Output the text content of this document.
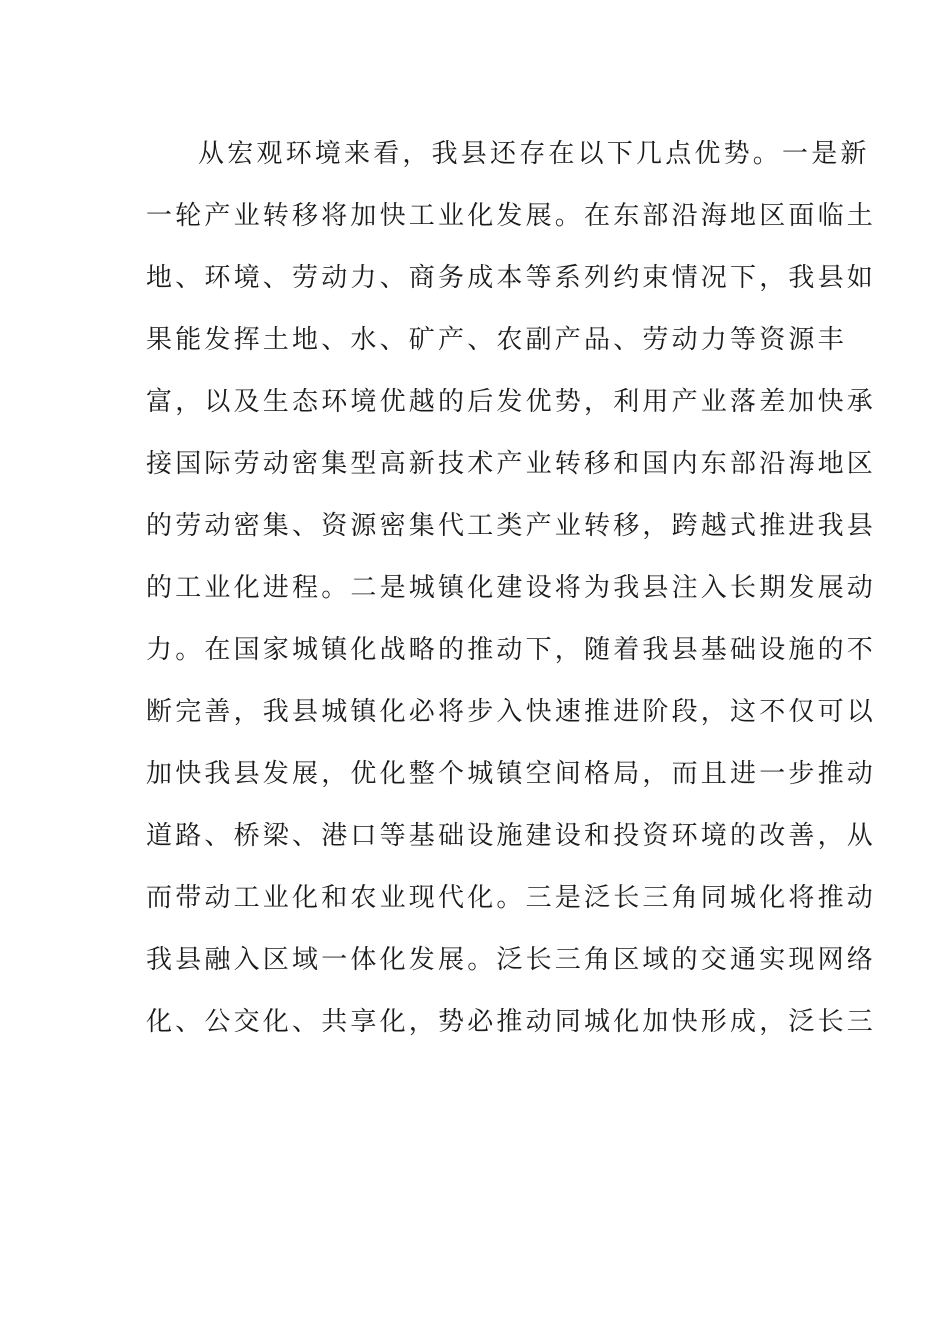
从宏观环境来看，我县还存在以下几点优势。一是新
一轮产业转移将加快工业化发展。在东部沿海地区面临土
地、环境、劳动力、商务成本等系列约束情况下，我县如
果能发挥土地、水、矿产、农副产品、劳动力等资源丰
富，以及生态环境优越的后发优势，利用产业落差加快承
接国际劳动密集型高新技术产业转移和国内东部沿海地区
的劳动密集、资源密集代工类产业转移，跨越式推进我县
的工业化进程。二是城镇化建设将为我县注入长期发展动
力。在国家城镇化战略的推动下，随着我县基础设施的不
断完善，我县城镇化必将步入快速推进阶段，这不仅可以
加快我县发展，优化整个城镇空间格局，而且进一步推动
道路、桥梁、港口等基础设施建设和投资环境的改善，从
而带动工业化和农业现代化。三是泛长三角同城化将推动
我县融入区域一体化发展。泛长三角区域的交通实现网络
化、公交化、共享化，势必推动同城化加快形成，泛长三
